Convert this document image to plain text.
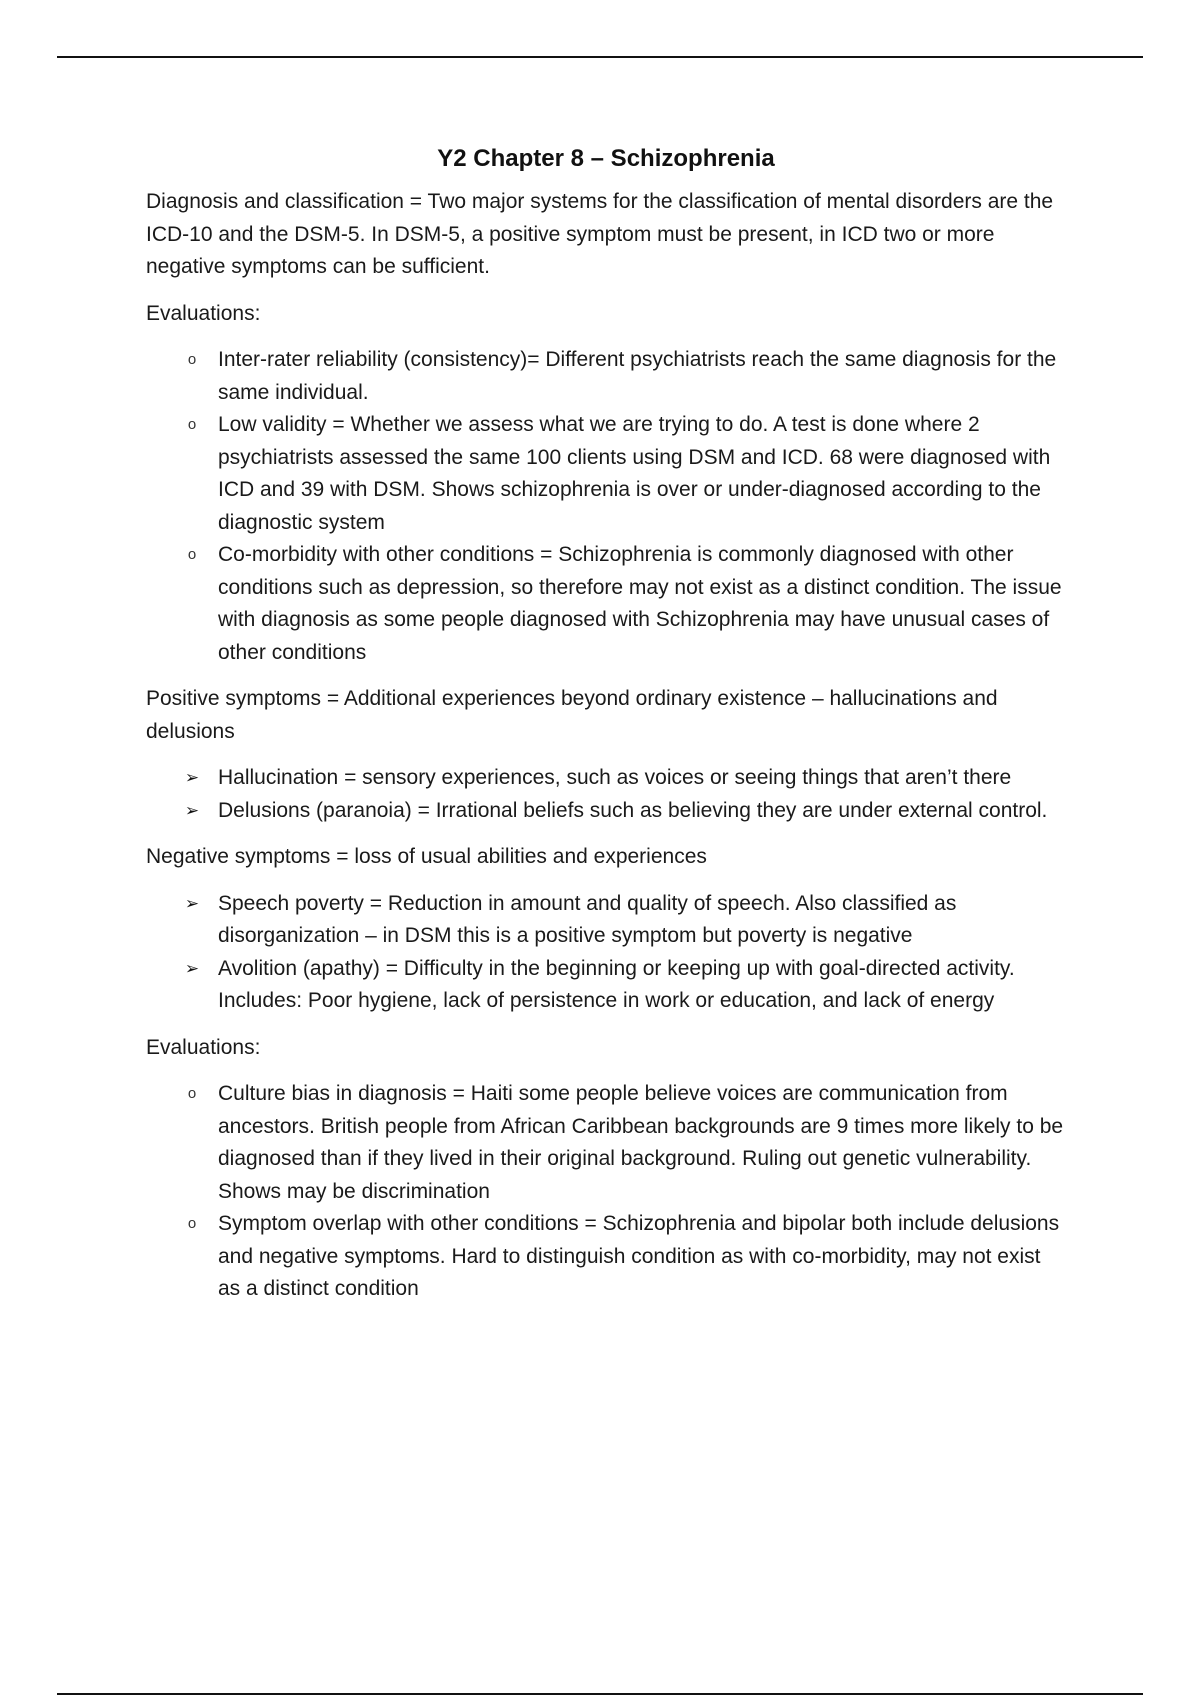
Y2 Chapter 8 – Schizophrenia

Diagnosis and classification = Two major systems for the classification of mental disorders are the ICD-10 and the DSM-5. In DSM-5, a positive symptom must be present, in ICD two or more negative symptoms can be sufficient.

Evaluations:

o Inter-rater reliability (consistency)= Different psychiatrists reach the same diagnosis for the same individual.
o Low validity = Whether we assess what we are trying to do. A test is done where 2 psychiatrists assessed the same 100 clients using DSM and ICD. 68 were diagnosed with ICD and 39 with DSM. Shows schizophrenia is over or under-diagnosed according to the diagnostic system
o Co-morbidity with other conditions = Schizophrenia is commonly diagnosed with other conditions such as depression, so therefore may not exist as a distinct condition. The issue with diagnosis as some people diagnosed with Schizophrenia may have unusual cases of other conditions

Positive symptoms = Additional experiences beyond ordinary existence – hallucinations and delusions

➢ Hallucination = sensory experiences, such as voices or seeing things that aren’t there
➢ Delusions (paranoia) = Irrational beliefs such as believing they are under external control.

Negative symptoms = loss of usual abilities and experiences

➢ Speech poverty = Reduction in amount and quality of speech. Also classified as disorganization – in DSM this is a positive symptom but poverty is negative
➢ Avolition (apathy) = Difficulty in the beginning or keeping up with goal-directed activity. Includes: Poor hygiene, lack of persistence in work or education, and lack of energy

Evaluations:

o Culture bias in diagnosis = Haiti some people believe voices are communication from ancestors. British people from African Caribbean backgrounds are 9 times more likely to be diagnosed than if they lived in their original background. Ruling out genetic vulnerability. Shows may be discrimination
o Symptom overlap with other conditions = Schizophrenia and bipolar both include delusions and negative symptoms. Hard to distinguish condition as with co-morbidity, may not exist as a distinct condition
